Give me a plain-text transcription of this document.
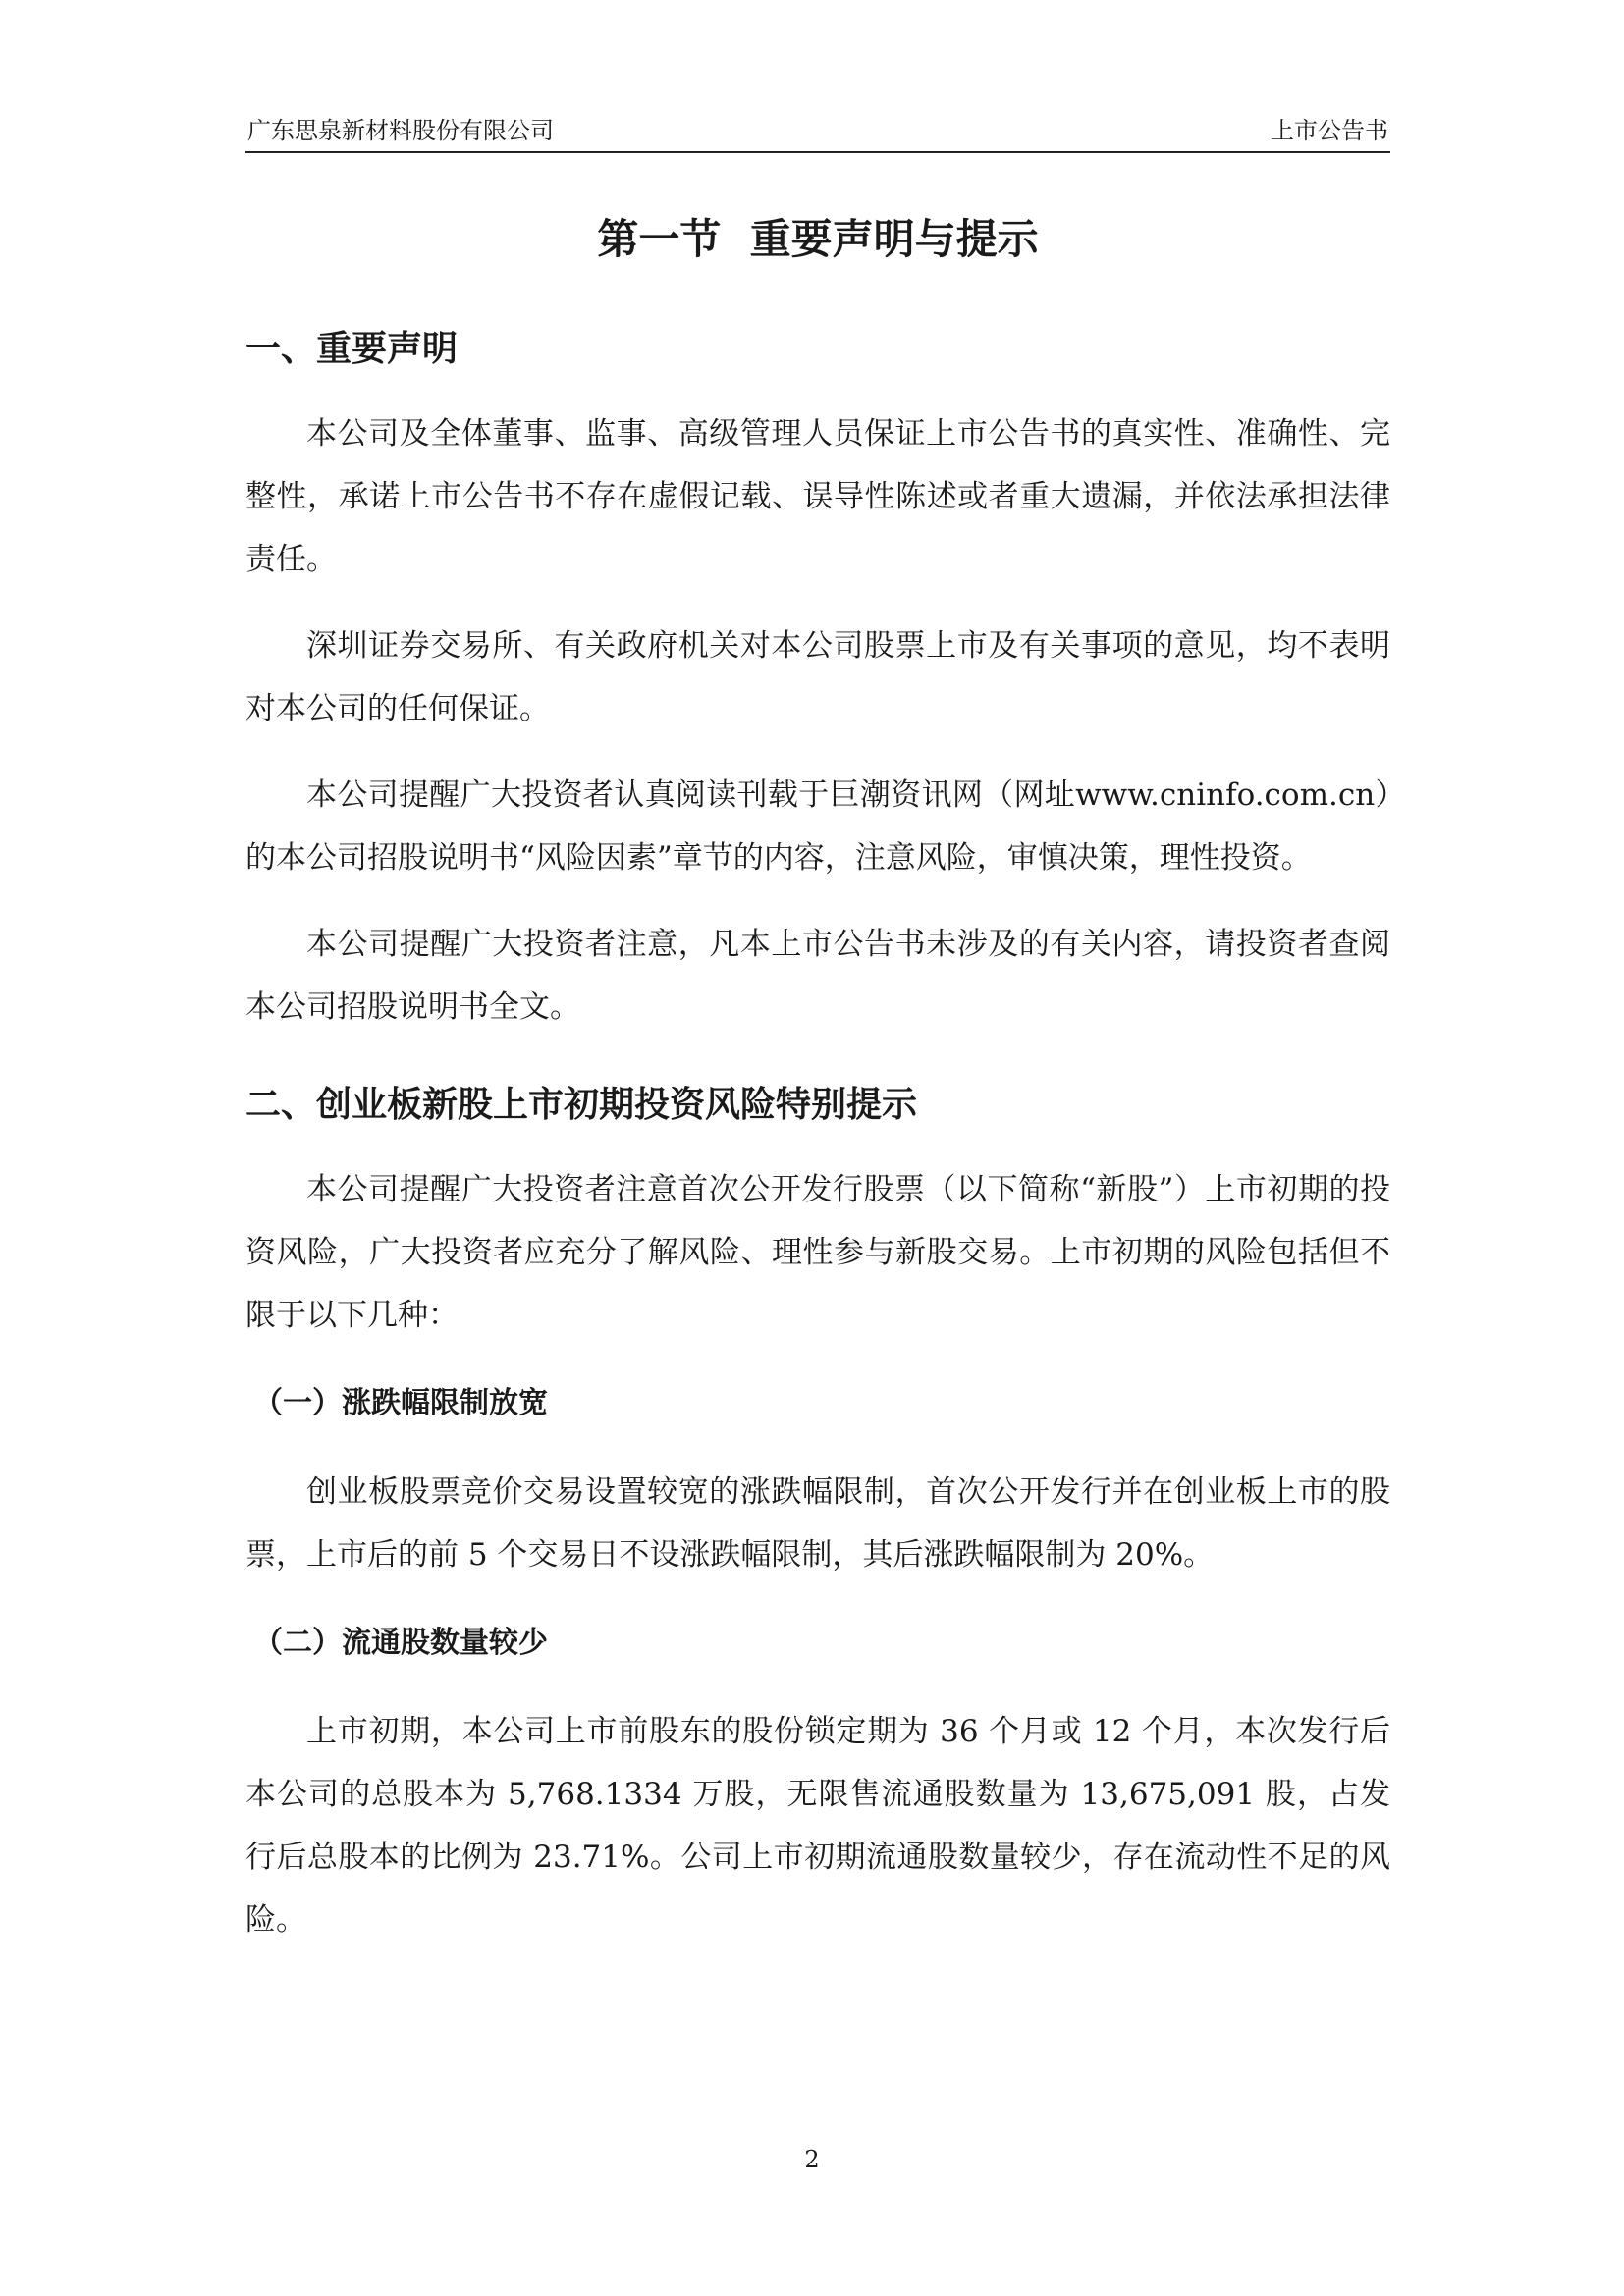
广东思泉新材料股份有限公司	上市公告书
第一节  重要声明与提示
一、重要声明

本公司及全体董事、监事、高级管理人员保证上市公告书的真实性、准确性、完整性，承诺上市公告书不存在虚假记载、误导性陈述或者重大遗漏，并依法承担法律责任。

深圳证券交易所、有关政府机关对本公司股票上市及有关事项的意见，均不表明对本公司的任何保证。

本公司提醒广大投资者认真阅读刊载于巨潮资讯网（网址www.cninfo.com.cn）的本公司招股说明书“风险因素”章节的内容，注意风险，审慎决策，理性投资。

本公司提醒广大投资者注意，凡本上市公告书未涉及的有关内容，请投资者查阅本公司招股说明书全文。

二、创业板新股上市初期投资风险特别提示

本公司提醒广大投资者注意首次公开发行股票（以下简称“新股”）上市初期的投资风险，广大投资者应充分了解风险、理性参与新股交易。上市初期的风险包括但不限于以下几种：

（一）涨跌幅限制放宽

创业板股票竞价交易设置较宽的涨跌幅限制，首次公开发行并在创业板上市的股票，上市后的前 5 个交易日不设涨跌幅限制，其后涨跌幅限制为 20%。

（二）流通股数量较少

上市初期，本公司上市前股东的股份锁定期为 36 个月或 12 个月，本次发行后本公司的总股本为 5,768.1334 万股，无限售流通股数量为 13,675,091 股，占发行后总股本的比例为 23.71%。公司上市初期流通股数量较少，存在流动性不足的风险。

2
